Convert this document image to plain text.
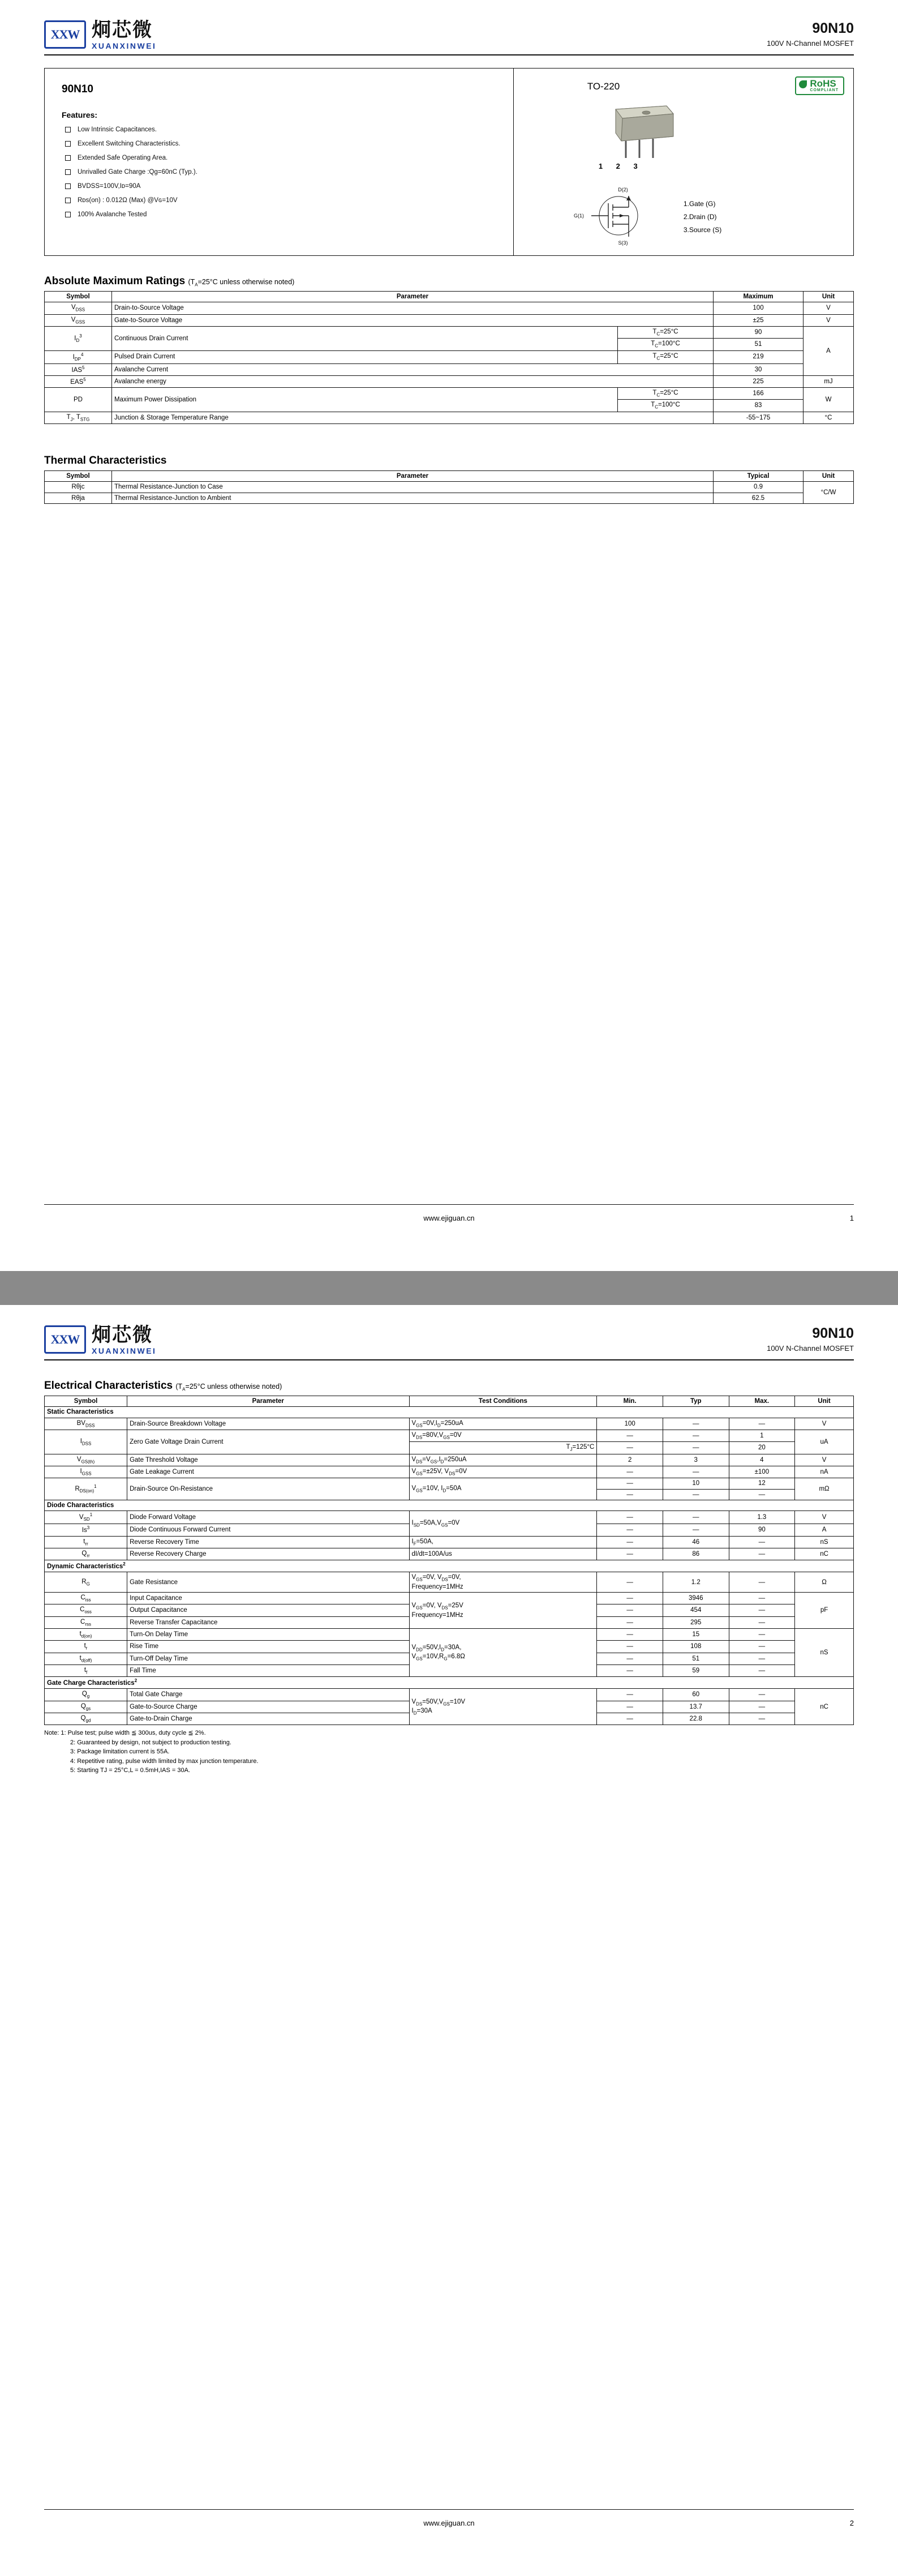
XXW 炯芯微
XUANXINWEI
90N10
100V N-Channel MOSFET
90N10
Features:
Low Intrinsic Capacitances.
Excellent Switching Characteristics.
Extended Safe Operating Area.
Unrivalled Gate Charge :Qg=60nC (Typ.).
BVDSS=100V,Iᴅ=90A
Rᴅs(on) : 0.012Ω (Max) @Vɢ=10V
100% Avalanche Tested
TO-220	RoHS
COMPLIANT
1 2 3
D(2)
S(3)
G(1)
1.Gate (G)
2.Drain (D)
3.Source (S)
Absolute Maximum Ratings ($T_A=25^\circ C$ unless otherwise noted)
Symbol	Parameter		Maximum	Unit
$V_{DSS}$	Drain-to-Source Voltage		100	V
$V_{GSS}$	Gate-to-Source Voltage		±25	V
$I_D^3$	Continuous Drain Current	$T_C=25^\circ C$	90	A
		$T_C=100^\circ C$	51	
$I_{DP}^4$	Pulsed Drain Current	$T_C=25^\circ C$	219	
IAS$^5$	Avalanche Current		30	
EAS$^5$	Avalanche energy		225	mJ
PD	Maximum Power Dissipation	$T_C=25^\circ C$	166	W
		$T_C=100^\circ C$	83	
$T_J$, $T_{STG}$	Junction & Storage Temperature Range		-55~175	°C
Thermal Characteristics
Symbol	Parameter	Typical	Unit
Rθjc	Thermal Resistance-Junction to Case	0.9	°C/W
Rθja	Thermal Resistance-Junction to Ambient	62.5	
www.ejiguan.cn	1
XXW 炯芯微
XUANXINWEI
90N10
100V N-Channel MOSFET
Electrical Characteristics ($T_A=25^\circ C$ unless otherwise noted)
Symbol	Parameter	Test Conditions	Min.	Typ	Max.	Unit
Static Characteristics						
$BV_{DSS}$	Drain-Source Breakdown Voltage	$V_{GS}=0V,I_D=250uA$	100	—	—	V
$I_{DSS}$	Zero Gate Voltage Drain Current	$V_{DS}=80V,V_{GS}=0V$	—	—	1	uA
		$T_J=125^\circ C$	—	—	20	
$V_{GS(th)}$	Gate Threshold Voltage	$V_{DS}=V_{GS},I_D=250uA$	2	3	4	V
$I_{GSS}$	Gate Leakage Current	$V_{GS}=\pm 25V$, $V_{DS}=0V$	—	—	±100	nA
$R_{DS(on)}^1$	Drain-Source On-Resistance	$V_{GS}=10V$, $I_D=50A$	—	10	12	mΩ
			—	—	—	
Diode Characteristics						
$V_{SD}^1$	Diode Forward Voltage	$I_{SD}=50A,V_{GS}=0V$	—	—	1.3	V
Is$^3$	Diode Continuous Forward Current		—	—	90	A
$t_{rr}$	Reverse Recovery Time	$I_F=50A$,	—	46	—	nS
$Q_{rr}$	Reverse Recovery Charge	dI/dt=100A/us	—	86	—	nC
Dynamic Characteristics$^2$
$R_G$	Gate Resistance	$V_{GS}=0V$, $V_{DS}=0V$,
Frequency=1MHz	—	1.2	—	Ω
$C_{iss}$	Input Capacitance	$V_{GS}=0V$, $V_{DS}=25V$
Frequency=1MHz	—	3946	—	pF
$C_{oss}$	Output Capacitance		—	454	—	
$C_{rss}$	Reverse Transfer Capacitance		—	295	—	
$t_{d(on)}$	Turn-On Delay Time	$V_{DD}=50V,I_D=30A$,
$V_{GS}=10V,R_G=6.8\Omega$	—	15	—	nS
$t_r$	Rise Time		—	108	—	
$t_{d(off)}$	Turn-Off Delay Time		—	51	—	
$t_f$	Fall Time		—	59	—	
Gate Charge Characteristics$^2$
$Q_g$	Total Gate Charge	$V_{DS}=50V,V_{GS}=10V$
$I_D=30A$	—	60	—	nC
$Q_{gs}$	Gate-to-Source Charge		—	13.7	—	
$Q_{gd}$	Gate-to-Drain Charge		—	22.8	—	
Note: 1: Pulse test; pulse width ≦ 300us, duty cycle ≦ 2%.
2: Guaranteed by design, not subject to production testing.
3: Package limitation current is 55A.
4: Repetitive rating, pulse width limited by max junction temperature.
5: Starting TJ = 25°C,L = 0.5mH,IAS = 30A.
www.ejiguan.cn	2
